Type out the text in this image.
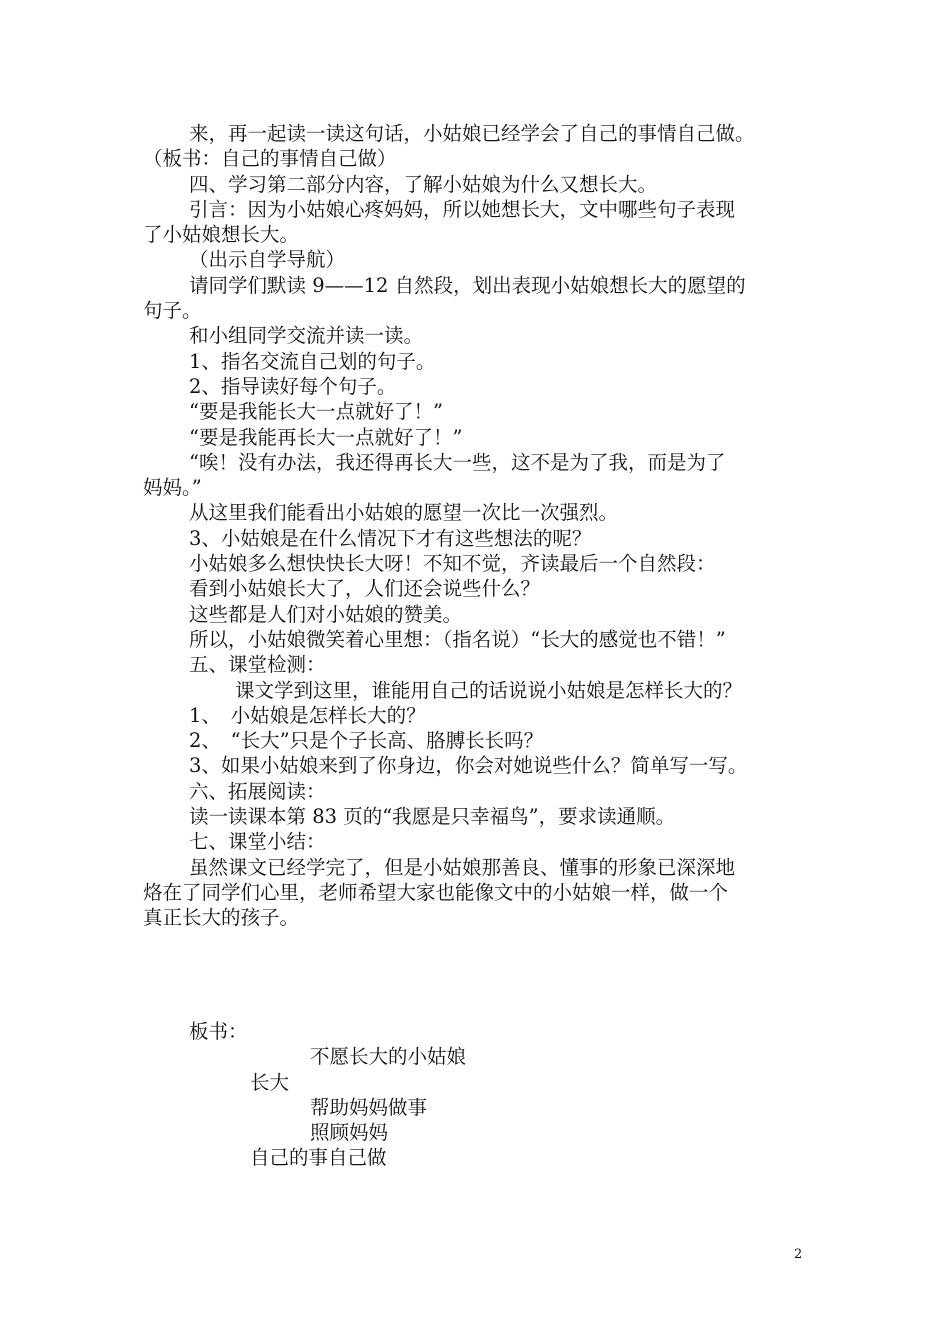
来，再一起读一读这句话，小姑娘已经学会了自己的事情自己做。
（板书：自己的事情自己做）
四、学习第二部分内容，了解小姑娘为什么又想长大。
引言：因为小姑娘心疼妈妈，所以她想长大，文中哪些句子表现
了小姑娘想长大。
（出示自学导航）
请同学们默读 9——12 自然段，划出表现小姑娘想长大的愿望的
句子。
和小组同学交流并读一读。
1、指名交流自己划的句子。
2、指导读好每个句子。
“要是我能长大一点就好了！”
“要是我能再长大一点就好了！”
“唉！没有办法，我还得再长大一些，这不是为了我，而是为了
妈妈。”
从这里我们能看出小姑娘的愿望一次比一次强烈。
3、小姑娘是在什么情况下才有这些想法的呢？
小姑娘多么想快快长大呀！不知不觉，齐读最后一个自然段：
看到小姑娘长大了，人们还会说些什么？
这些都是人们对小姑娘的赞美。
所以，小姑娘微笑着心里想：（指名说）“长大的感觉也不错！”
五、课堂检测：
课文学到这里，谁能用自己的话说说小姑娘是怎样长大的？
1、　小姑娘是怎样长大的？
2、　“长大”只是个子长高、胳膊长长吗？
3、如果小姑娘来到了你身边，你会对她说些什么？简单写一写。
六、拓展阅读：
读一读课本第 83 页的“我愿是只幸福鸟”，要求读通顺。
七、课堂小结：
虽然课文已经学完了，但是小姑娘那善良、懂事的形象已深深地
烙在了同学们心里，老师希望大家也能像文中的小姑娘一样，做一个
真正长大的孩子。
板书：
不愿长大的小姑娘
长大
帮助妈妈做事
照顾妈妈
自己的事自己做
2
